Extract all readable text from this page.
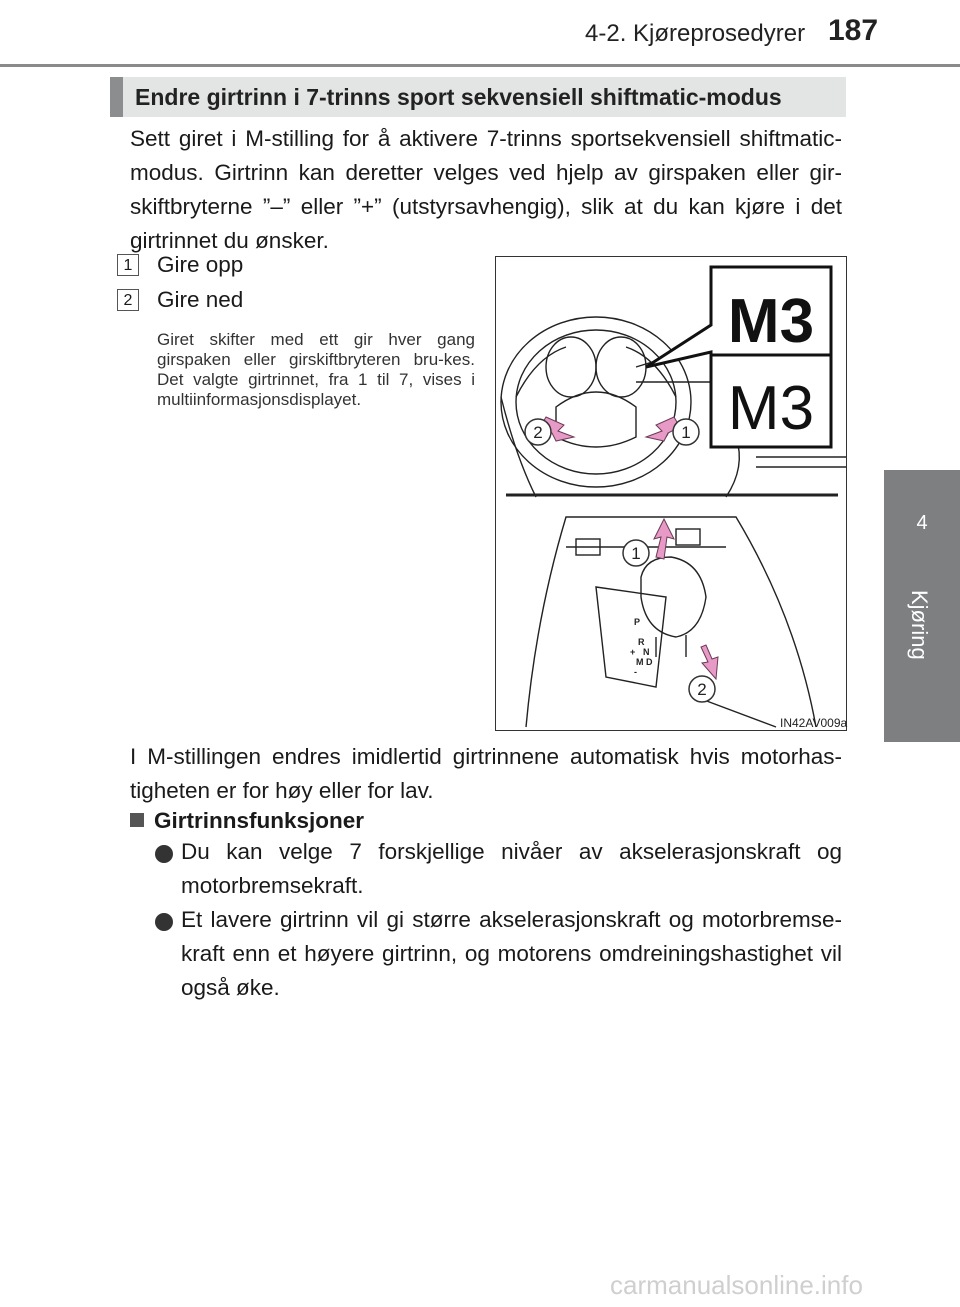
4-2. Kjøreprosedyrer 187
4
Kjøring
Endre girtrinn i 7-trinns sport sekvensiell shiftmatic-modus
Sett giret i M-stilling for å aktivere 7-trinns sportsekvensiell shiftmatic-modus. Girtrinn kan deretter velges ved hjelp av girspaken eller gir-skiftbryterne ”–” eller ”+” (utstyrsavhengig), slik at du kan kjøre i det girtrinnet du ønsker.
1 Gire opp
2 Gire ned
Giret skifter med ett gir hver gang girspaken eller girskiftbryteren bru-kes. Det valgte girtrinnet, fra 1 til 7, vises i multiinformasjonsdisplayet.
M3
M3
2	1
1
2
P
R
N
D
M
+
-
IN42AV009a
I M-stillingen endres imidlertid girtrinnene automatisk hvis motorhas-tigheten er for høy eller for lav.
Girtrinnsfunksjoner
Du kan velge 7 forskjellige nivåer av akselerasjonskraft og motorbremsekraft.
Et lavere girtrinn vil gi større akselerasjonskraft og motorbremse-kraft enn et høyere girtrinn, og motorens omdreiningshastighet vil også øke.
carmanualsonline.info
